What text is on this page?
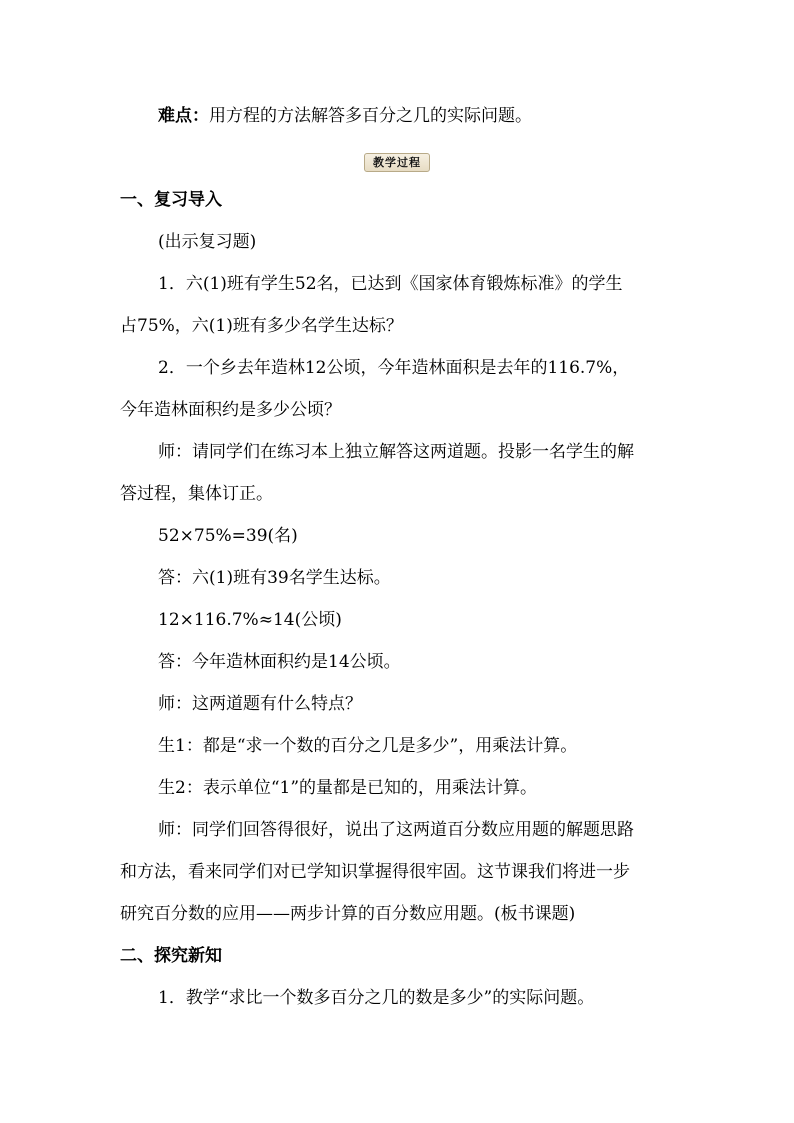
难点：用方程的方法解答多百分之几的实际问题。
教学过程
一、复习导入
(出示复习题)
1．六(1)班有学生52名，已达到《国家体育锻炼标准》的学生
占75%，六(1)班有多少名学生达标？
2．一个乡去年造林12公顷，今年造林面积是去年的116.7%，
今年造林面积约是多少公顷？
师：请同学们在练习本上独立解答这两道题。投影一名学生的解
答过程，集体订正。
52×75%=39(名)
答：六(1)班有39名学生达标。
12×116.7%≈14(公顷)
答：今年造林面积约是14公顷。
师：这两道题有什么特点？
生1：都是“求一个数的百分之几是多少”，用乘法计算。
生2：表示单位“1”的量都是已知的，用乘法计算。
师：同学们回答得很好，说出了这两道百分数应用题的解题思路
和方法，看来同学们对已学知识掌握得很牢固。这节课我们将进一步
研究百分数的应用——两步计算的百分数应用题。(板书课题)
二、探究新知
1．教学“求比一个数多百分之几的数是多少”的实际问题。
